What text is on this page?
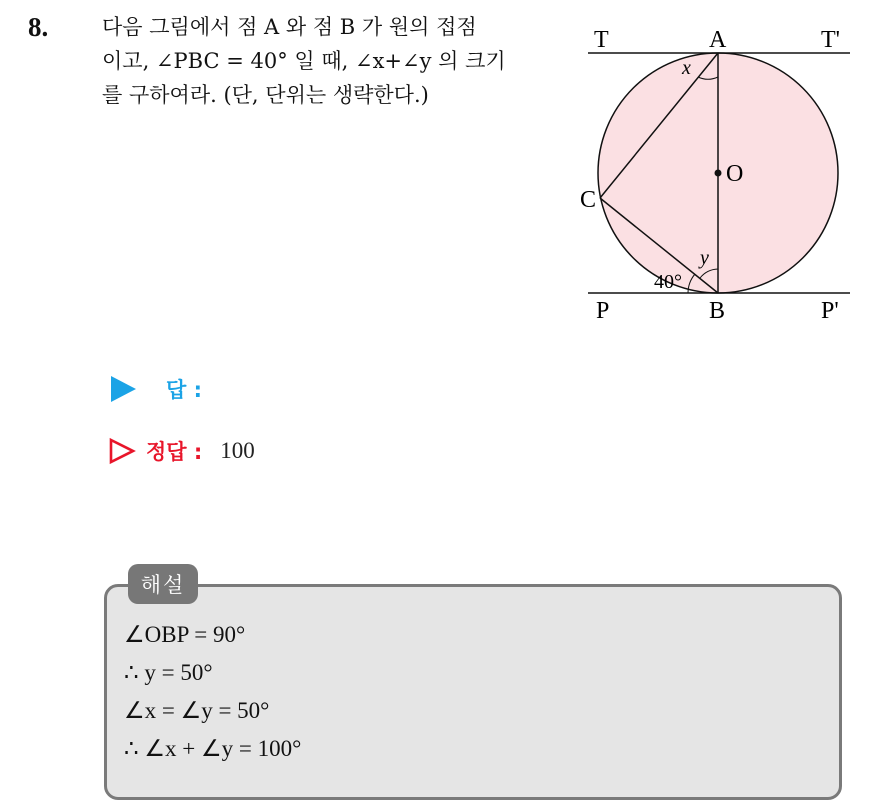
8.	다음 그림에서 점 A 와 점 B 가 원의 접점
이고, ∠PBC = 40° 일 때, ∠x+∠y 의 크기
를 구하여라. (단, 단위는 생략한다.)
T	A	T'
x
O
C
y
40°
P	B	P'
답 :
정답 : 100
해설
∠OBP = 90°
∴ y = 50°
∠x = ∠y = 50°
∴ ∠x + ∠y = 100°
